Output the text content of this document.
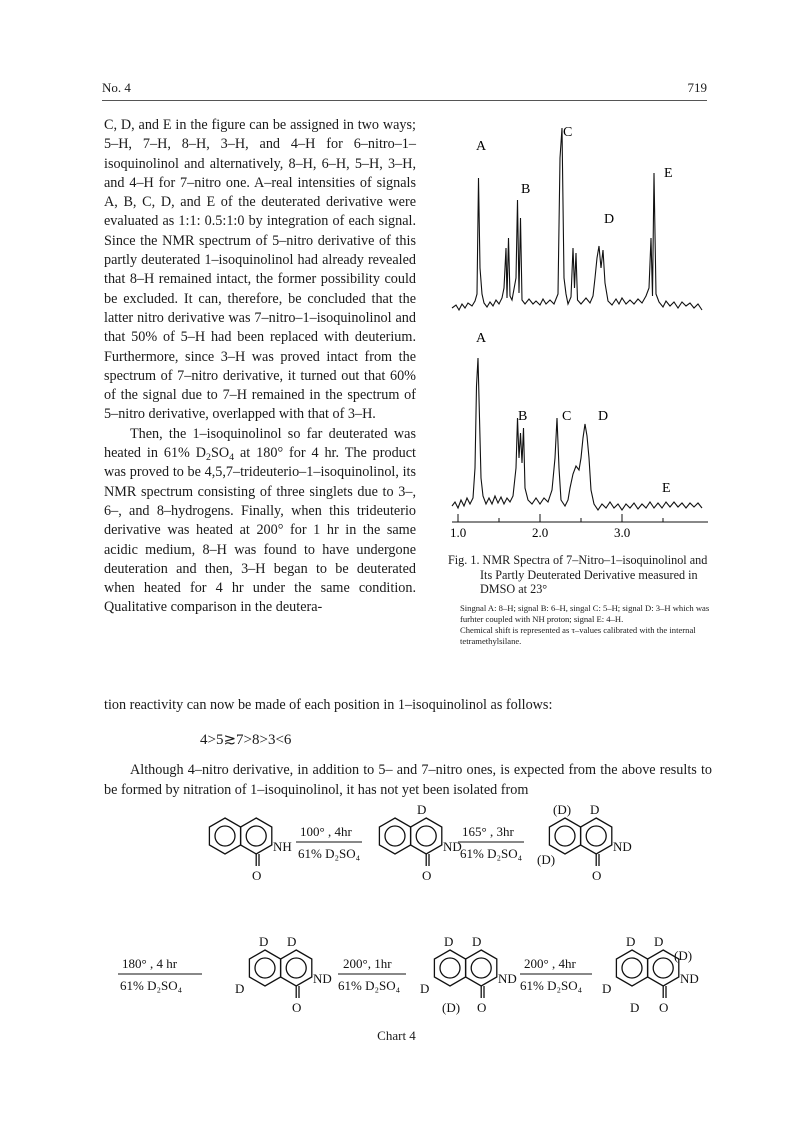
No. 4	719

C, D, and E in the figure can be assigned in two ways; 5–H, 7–H, 8–H, 3–H, and 4–H for 6–nitro–1–isoquinolinol and alternatively, 8–H, 6–H, 5–H, 3–H, and 4–H for 7–nitro one. A–real intensities of signals A, B, C, D, and E of the deuterated derivative were evaluated as 1:1: 0.5:1:0 by integration of each signal. Since the NMR spectrum of 5–nitro derivative of this partly deuterated 1–isoquinolinol had already revealed that 8–H remained intact, the former possibility could be excluded. It can, therefore, be concluded that the latter nitro derivative was 7–nitro–1–isoquinolinol and that 50% of 5–H had been replaced with deuterium. Furthermore, since 3–H was proved intact from the spectrum of 7–nitro derivative, it turned out that 60% of the signal due to 7–H remained in the spectrum of 5–nitro derivative, overlapped with that of 3–H.

Then, the 1–isoquinolinol so far deuterated was heated in 61% $D_2SO_4$ at 180° for 4 hr. The product was proved to be 4,5,7–trideuterio–1–isoquinolinol, its NMR spectrum consisting of three singlets due to 3–, 6–, and 8–hydrogens. Finally, when this trideuterio derivative was heated at 200° for 1 hr in the same acidic medium, 8–H was found to have undergone deuteration and then, 3–H began to be deuterated when heated for 4 hr under the same condition. Qualitative comparison in the deutera-

A
B
C
D
E
A
B C D
E
1.0	2.0	3.0

Fig. 1. NMR Spectra of 7–Nitro–1–isoquinolinol and Its Partly Deuterated Derivative measured in DMSO at 23°

Singnal A: 8–H; signal B: 6–H, singal C: 5–H; signal D: 3–H which was furhter coupled with NH proton; signal E: 4–H.
Chemical shift is represented as τ–values calibrated with the internal tetramethylsilane.
tion reactivity can now be made of each position in 1–isoquinolinol as follows:
4>5≳7>8>3<6

Although 4–nitro derivative, in addition to 5– and 7–nitro ones, is expected from the above results to be formed by nitration of 1–isoquinolinol, it has not yet been isolated from

NH
O
100° , 4hr
61% D₂SO₄
D
ND
O
165° , 3hr
61% D₂SO₄
(D) D
ND
(D)
O
180° , 4 hr
61% D₂SO₄
D D
ND
D
O
200°, 1hr
61% D₂SO₄
D D
ND
D
(D) O
200° , 4hr
61% D₂SO₄
D D
(D)
ND
D
D O
Chart 4
